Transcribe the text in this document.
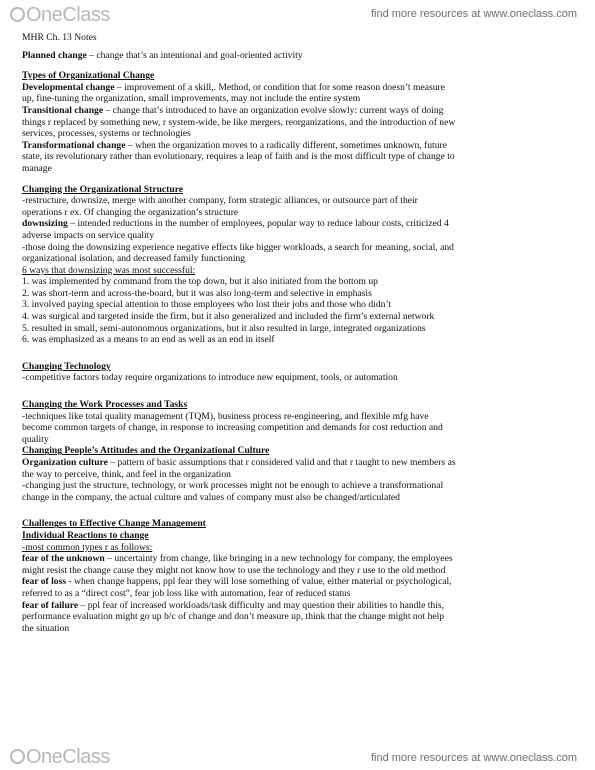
OneClass	find more resources at www.oneclass.com

MHR Ch. 13 Notes

Planned change – change that’s an intentional and goal-oriented activity

Types of Organizational Change

Developmental change – improvement of a skill,. Method, or condition that for some reason doesn’t measure

up, fine-tuning the organization, small improvements, may not include the entire system

Transitional change – change that’s introduced to have an organization evolve slowly: current ways of doing

things r replaced by something new, r system-wide, be like mergers, reorganizations, and the introduction of new

services, processes, systems or technologies

Transformational change – when the organization moves to a radically different, sometimes unknown, future

state, its revolutionary rather than evolutionary, requires a leap of faith and is the most difficult type of change to

manage

Changing the Organizational Structure

-restructure, downsize, merge with another company, form strategic alliances, or outsource part of their

operations r ex. Of changing the organization’s structure

downsizing – intended reductions in the number of employees, popular way to reduce labour costs, criticized 4

adverse impacts on service quality

-those doing the downsizing experience negative effects like bigger workloads, a search for meaning, social, and

organizational isolation, and decreased family functioning

6 ways that downsizing was most successful:

1. was implemented by command from the top down, but it also initiated from the bottom up

2. was short-term and across-the-board, but it was also long-term and selective in emphasis

3. involved paying special attention to those employees who lost their jobs and those who didn’t

4. was surgical and targeted inside the firm, but it also generalized and included the firm’s external network

5. resulted in small, semi-autonomous organizations, but it also resulted in large, integrated organizations

6. was emphasized as a means to an end as well as an end in itself

Changing Technology

-competitive factors today require organizations to introduce new equipment, tools, or automation

Changing the Work Processes and Tasks

-techniques like total quality management (TQM), business process re-engineering, and flexible mfg have

become common targets of change, in response to increasing competition and demands for cost reduction and

quality

Changing People’s Attitudes and the Organizational Culture

Organization culture – pattern of basic assumptions that r considered valid and that r taught to new members as

the way to perceive, think, and feel in the organization

-changing just the structure, technology, or work processes might not be enough to achieve a transformational

change in the company, the actual culture and values of company must also be changed/articulated

Challenges to Effective Change Management

Individual Reactions to change

-most common types r as follows:

fear of the unknown – uncertainty from change, like bringing in a new technology for company, the employees

might resist the change cause they might not know how to use the technology and they r use to the old method

fear of loss - when change happens, ppl fear they will lose something of value, either material or psychological,

referred to as a “direct cost”, fear job loss like with automation, fear of reduced status

fear of failure – ppl fear of increased workloads/task difficulty and may question their abilities to handle this,

performance evaluation might go up b/c of change and don’t measure up, think that the change might not help

the situation

OneClass	find more resources at www.oneclass.com
